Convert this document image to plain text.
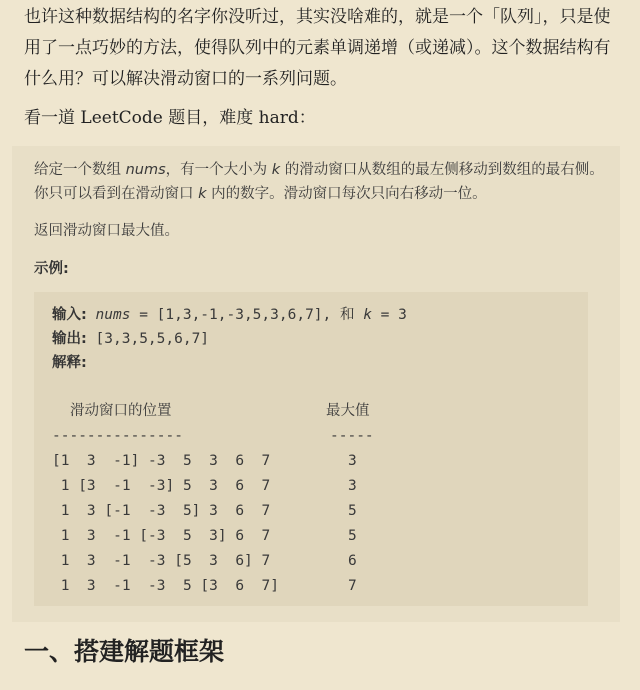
也许这种数据结构的名字你没听过，其实没啥难的，就是一个「队列」，只是使用了一点巧妙的方法，使得队列中的元素单调递增（或递减）。这个数据结构有什么用？可以解决滑动窗口的一系列问题。

看一道 LeetCode 题目，难度 hard：

给定一个数组 nums，有一个大小为 k 的滑动窗口从数组的最左侧移动到数组的最右侧。你只可以看到在滑动窗口 k 内的数字。滑动窗口每次只向右移动一位。

返回滑动窗口最大值。

示例:

输入: nums = [1,3,-1,-3,5,3,6,7], 和 k = 3
输出: [3,3,5,5,6,7]
解释:
滑动窗口的位置	最大值
---------------	-----
[1  3  -1] -3  5  3  6  7	3
1 [3  -1  -3] 5  3  6  7	3
1  3 [-1  -3  5] 3  6  7	5
1  3  -1 [-3  5  3] 6  7	5
1  3  -1  -3 [5  3  6] 7	6
1  3  -1  -3  5 [3  6  7]	7
一、搭建解题框架
